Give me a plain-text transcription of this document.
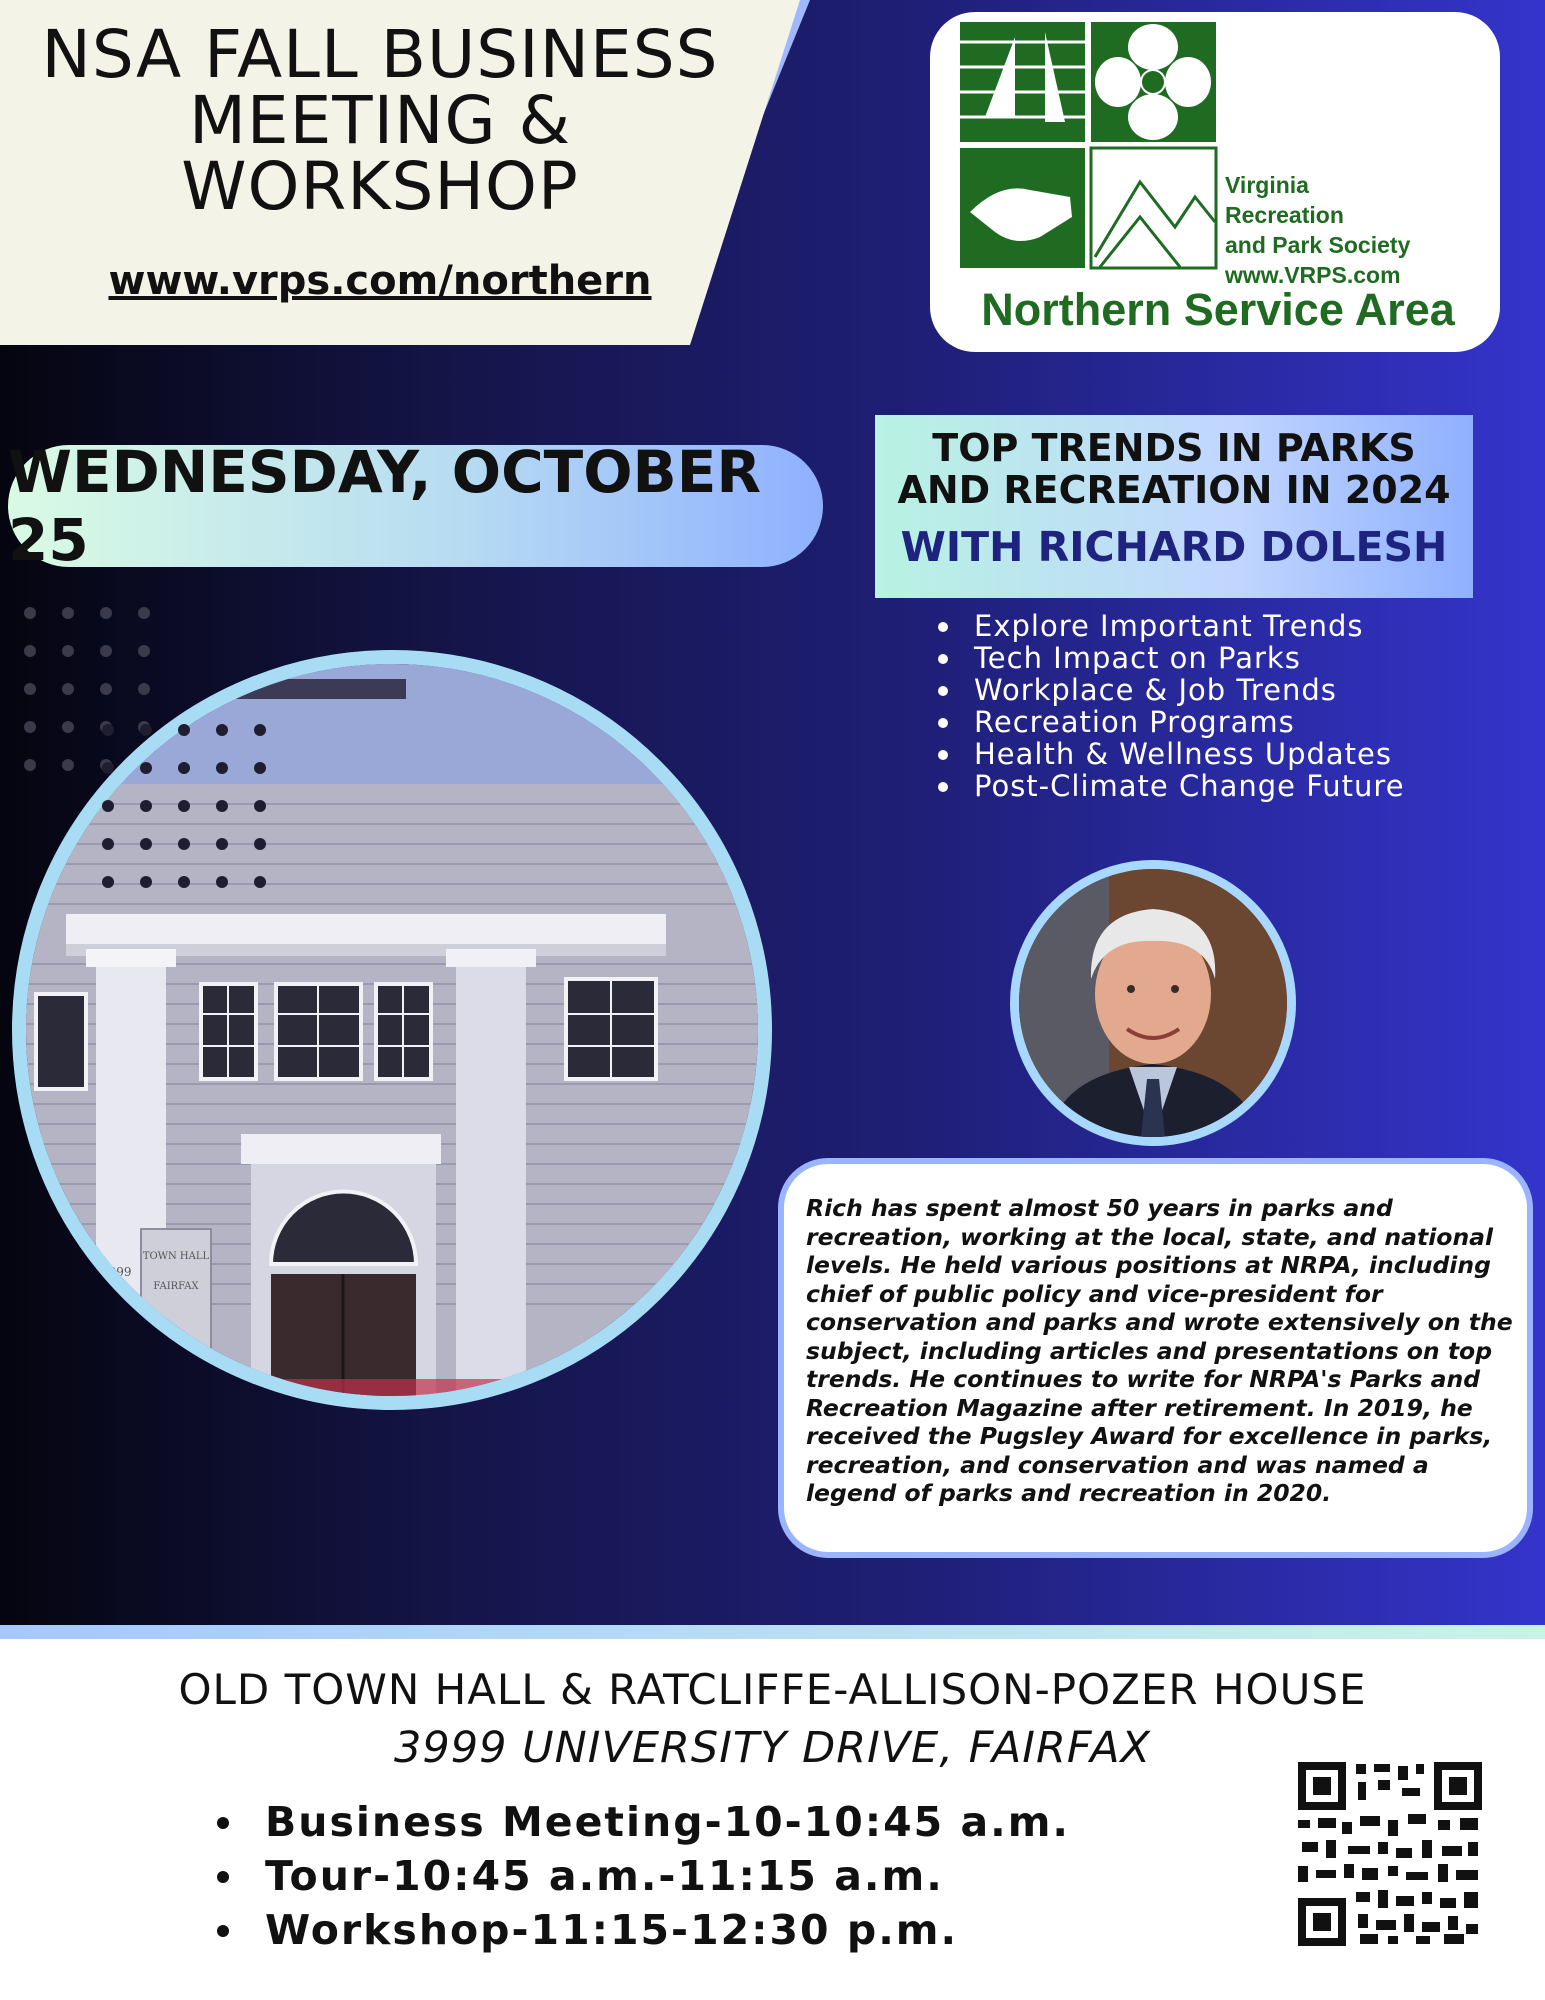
NSA FALL BUSINESS
MEETING &
WORKSHOP
www.vrps.com/northern
Virginia
Recreation
and Park Society
www.VRPS.com
Northern Service Area
WEDNESDAY, OCTOBER 25
TOP TRENDS IN PARKS
AND RECREATION IN 2024
WITH RICHARD DOLESH
Explore Important Trends
Tech Impact on Parks
Workplace & Job Trends
Recreation Programs
Health & Wellness Updates
Post-Climate Change Future
TOWN HALL
FAIRFAX
3999
Rich has spent almost 50 years in parks and recreation, working at the local, state, and national levels. He held various positions at NRPA, including chief of public policy and vice-president for conservation and parks and wrote extensively on the subject, including articles and presentations on top trends. He continues to write for NRPA's Parks and Recreation Magazine after retirement. In 2019, he received the Pugsley Award for excellence in parks, recreation, and conservation and was named a legend of parks and recreation in 2020.
OLD TOWN HALL & RATCLIFFE-ALLISON-POZER HOUSE
3999 UNIVERSITY DRIVE, FAIRFAX
Business Meeting-10-10:45 a.m.
Tour-10:45 a.m.-11:15 a.m.
Workshop-11:15-12:30 p.m.
